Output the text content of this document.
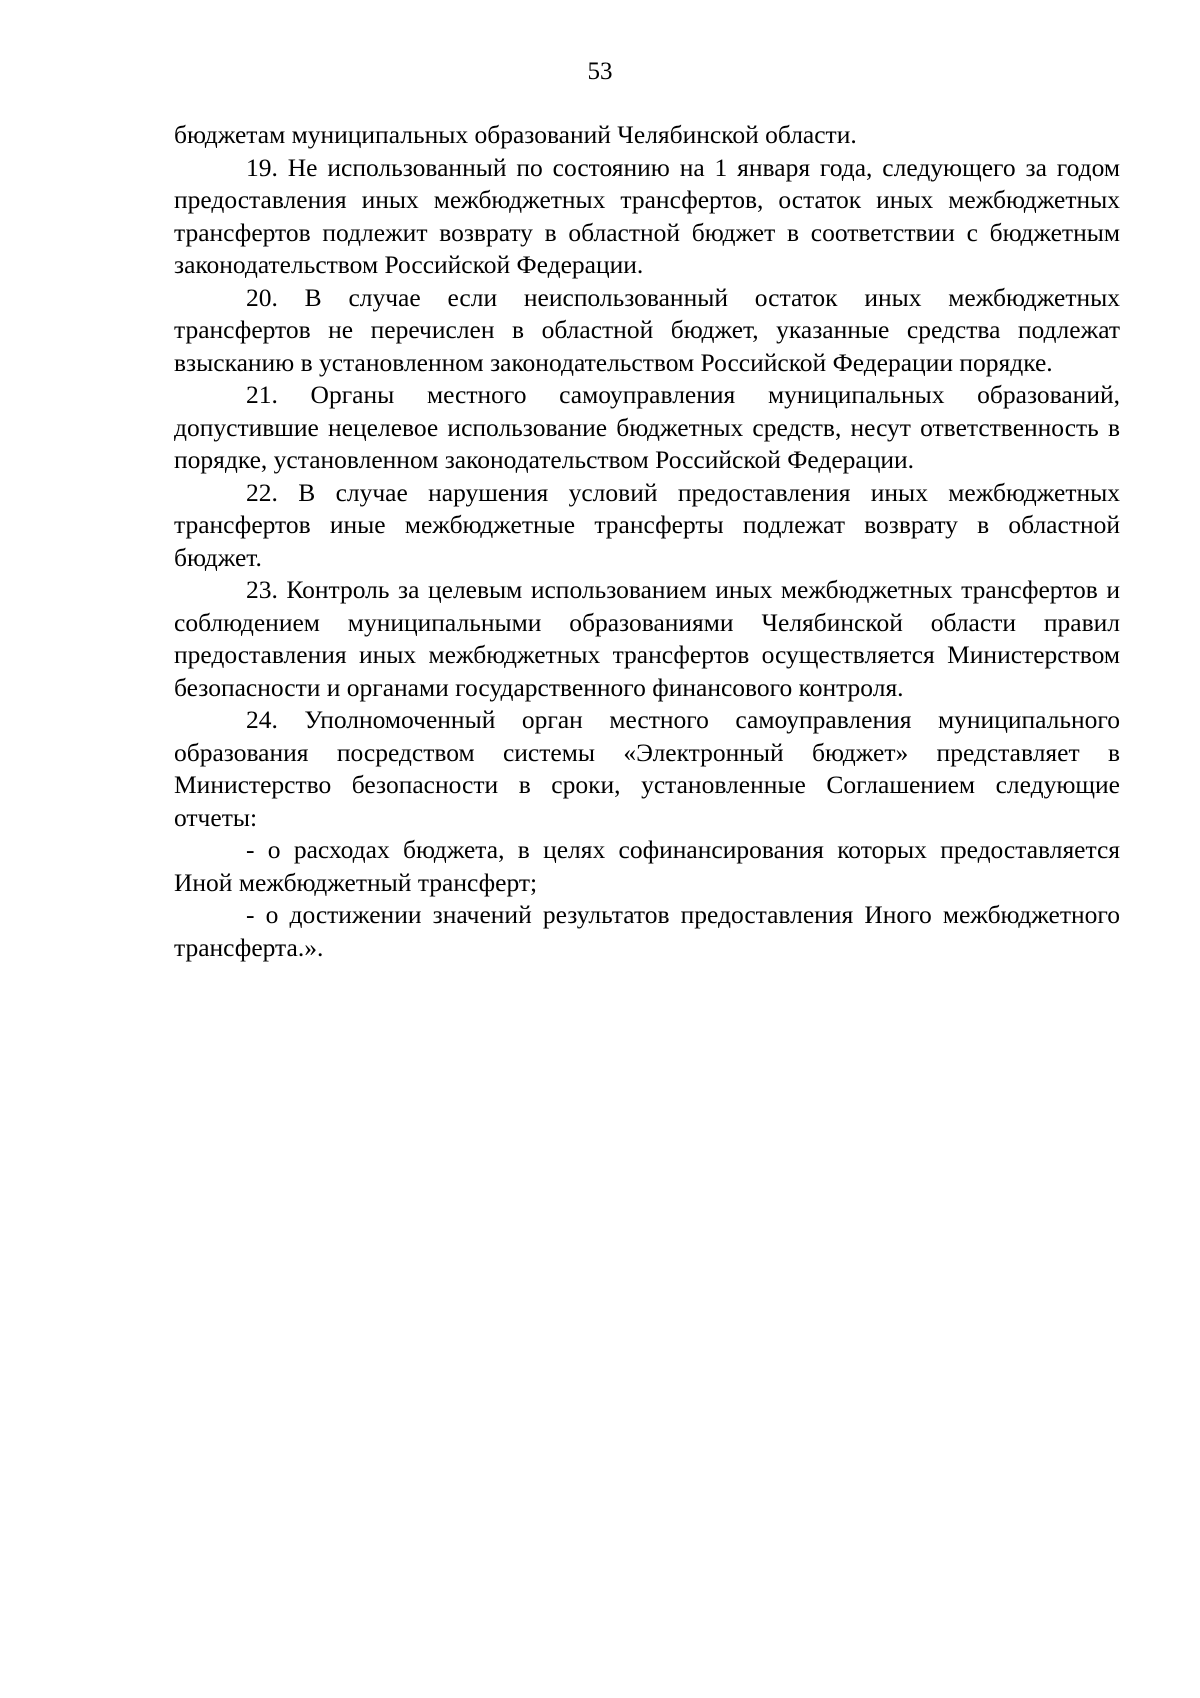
53

бюджетам муниципальных образований Челябинской области.

19. Не использованный по состоянию на 1 января года, следующего за годом предоставления иных межбюджетных трансфертов, остаток иных межбюджетных трансфертов подлежит возврату в областной бюджет в соответствии с бюджетным законодательством Российской Федерации.

20. В случае если неиспользованный остаток иных межбюджетных трансфертов не перечислен в областной бюджет, указанные средства подлежат взысканию в установленном законодательством Российской Федерации порядке.

21. Органы местного самоуправления муниципальных образований, допустившие нецелевое использование бюджетных средств, несут ответственность в порядке, установленном законодательством Российской Федерации.

22. В случае нарушения условий предоставления иных межбюджетных трансфертов иные межбюджетные трансферты подлежат возврату в областной бюджет.

23. Контроль за целевым использованием иных межбюджетных трансфертов и соблюдением муниципальными образованиями Челябинской области правил предоставления иных межбюджетных трансфертов осуществляется Министерством безопасности и органами государственного финансового контроля.

24. Уполномоченный орган местного самоуправления муниципального образования посредством системы «Электронный бюджет» представляет в Министерство безопасности в сроки, установленные Соглашением следующие отчеты:

- о расходах бюджета, в целях софинансирования которых предоставляется Иной межбюджетный трансферт;

- о достижении значений результатов предоставления Иного межбюджетного трансферта.».
